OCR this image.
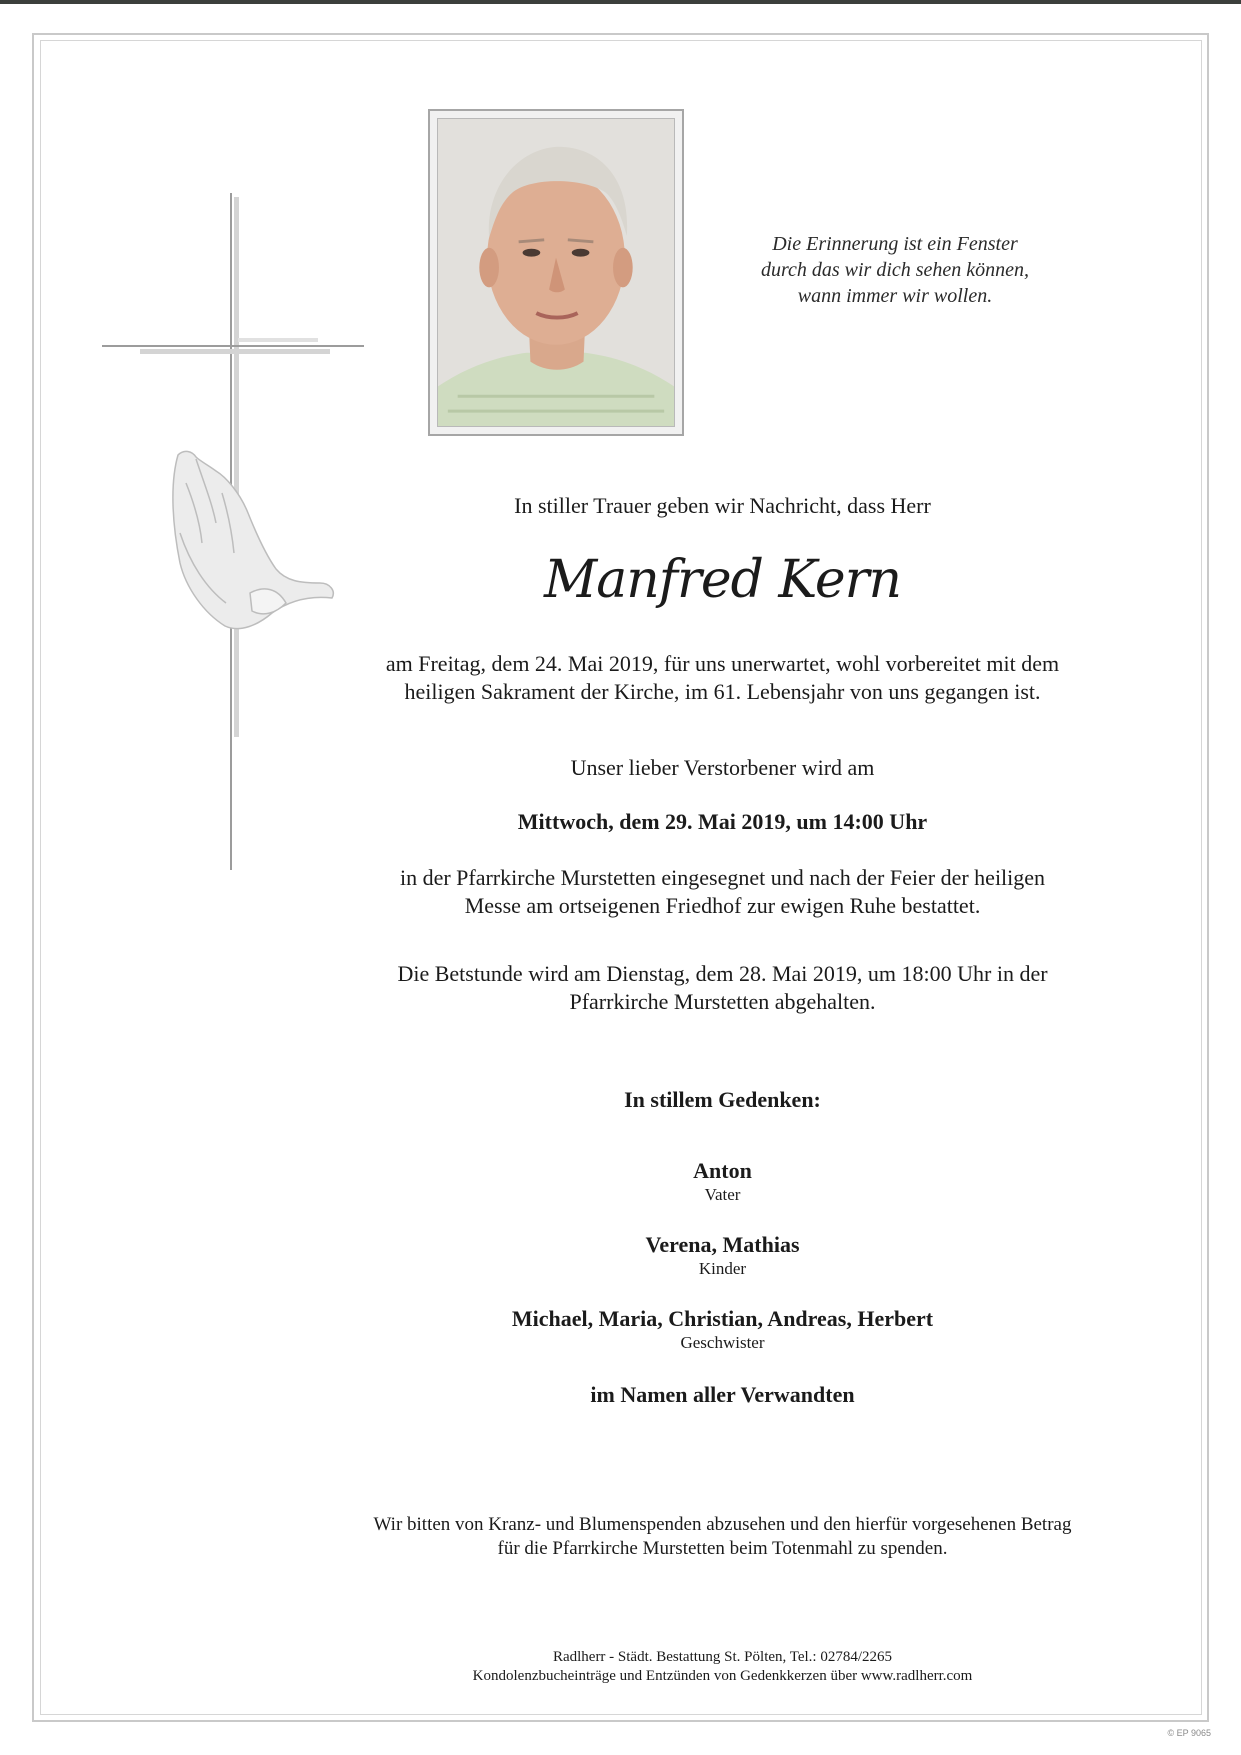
Die Erinnerung ist ein Fenster
durch das wir dich sehen können,
wann immer wir wollen.
In stiller Trauer geben wir Nachricht, dass Herr
Manfred Kern
am Freitag, dem 24. Mai 2019, für uns unerwartet, wohl vorbereitet mit dem
heiligen Sakrament der Kirche, im 61. Lebensjahr von uns gegangen ist.
Unser lieber Verstorbener wird am
Mittwoch, dem 29. Mai 2019, um 14:00 Uhr
in der Pfarrkirche Murstetten eingesegnet und nach der Feier der heiligen
Messe am ortseigenen Friedhof zur ewigen Ruhe bestattet.
Die Betstunde wird am Dienstag, dem 28. Mai 2019, um 18:00 Uhr in der
Pfarrkirche Murstetten abgehalten.
In stillem Gedenken:
Anton
Vater
Verena, Mathias
Kinder
Michael, Maria, Christian, Andreas, Herbert
Geschwister
im Namen aller Verwandten
Wir bitten von Kranz- und Blumenspenden abzusehen und den hierfür vorgesehenen Betrag
für die Pfarrkirche Murstetten beim Totenmahl zu spenden.
Radlherr - Städt. Bestattung St. Pölten, Tel.: 02784/2265
Kondolenzbucheinträge und Entzünden von Gedenkkerzen über www.radlherr.com
© EP 9065
